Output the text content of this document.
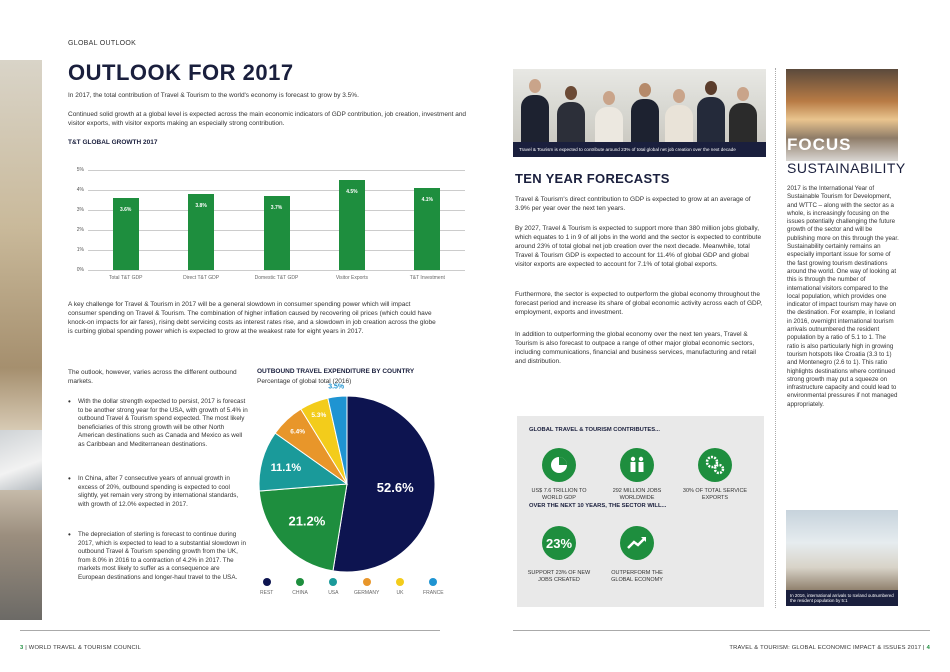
GLOBAL OUTLOOK
OUTLOOK FOR 2017
In 2017, the total contribution of Travel & Tourism to the world's economy is forecast to grow by 3.5%.
Continued solid growth at a global level is expected across the main economic indicators of GDP contribution, job creation, investment and visitor exports, with visitor exports making an especially strong contribution.
T&T GLOBAL GROWTH 2017
0%
1%
2%
3%
4%
5%
3.6%
Total T&T GDP
3.8%
Direct T&T GDP
3.7%
Domestic T&T GDP
4.5%
Visitor Exports
4.1%
T&T Investment
A key challenge for Travel & Tourism in 2017 will be a general slowdown in consumer spending power which will impact consumer spending on Travel & Tourism. The combination of higher inflation caused by recovering oil prices (which could have knock-on impacts for air fares), rising debt servicing costs as interest rates rise, and a slowdown in job creation across the globe is curbing global spending power which is expected to grow at the weakest rate for eight years in 2017.
The outlook, however, varies across the different outbound markets.
• With the dollar strength expected to persist, 2017 is forecast to be another strong year for the USA, with growth of 5.4% in outbound Travel & Tourism spend expected. The most likely beneficiaries of this strong growth will be other North American destinations such as Canada and Mexico as well as Caribbean and Mediterranean destinations.
• In China, after 7 consecutive years of annual growth in excess of 20%, outbound spending is expected to cool slightly, yet remain very strong by international standards, with growth of 12.0% expected in 2017.
• The depreciation of sterling is forecast to continue during 2017, which is expected to lead to a substantial slowdown in outbound Travel & Tourism spending growth from the UK, from 8.0% in 2016 to a contraction of 4.2% in 2017. The markets most likely to suffer as a consequence are European destinations and longer-haul travel to the USA.
OUTBOUND TRAVEL EXPENDITURE BY COUNTRY
Percentage of global total (2016)
52.6%
21.2%
11.1%
6.4%
5.3%
3.5%
REST	CHINA	USA	GERMANY	UK	FRANCE
Travel & Tourism is expected to contribute around 23% of total global net job creation over the next decade
TEN YEAR FORECASTS
Travel & Tourism's direct contribution to GDP is expected to grow at an average of 3.9% per year over the next ten years.
By 2027, Travel & Tourism is expected to support more than 380 million jobs globally, which equates to 1 in 9 of all jobs in the world and the sector is expected to contribute around 23% of total global net job creation over the next decade. Meanwhile, total Travel & Tourism GDP is expected to account for 11.4% of global GDP and global visitor exports are expected to account for 7.1% of total global exports.
Furthermore, the sector is expected to outperform the global economy throughout the forecast period and increase its share of global economic activity across each of GDP, employment, exports and investment.
In addition to outperforming the global economy over the next ten years, Travel & Tourism is also forecast to outpace a range of other major global economic sectors, including communications, financial and business services, manufacturing and retail and distribution.
GLOBAL TRAVEL & TOURISM CONTRIBUTES...
US$ 7.6 TRILLION TO WORLD GDP
292 MILLION JOBS WORLDWIDE
30% OF TOTAL SERVICE EXPORTS
OVER THE NEXT 10 YEARS, THE SECTOR WILL...
23%
SUPPORT 23% OF NEW JOBS CREATED
OUTPERFORM THE GLOBAL ECONOMY
FOCUS
SUSTAINABILITY
2017 is the International Year of Sustainable Tourism for Development, and WTTC – along with the sector as a whole, is increasingly focusing on the issues potentially challenging the future growth of the sector and will be publishing more on this through the year. Sustainability certainly remains an especially important issue for some of the fast growing tourism destinations around the world. One way of looking at this is through the number of international visitors compared to the local population, which provides one indicator of impact tourism may have on the destination. For example, in Iceland in 2016, overnight international tourism arrivals outnumbered the resident population by a ratio of 5.1 to 1. The ratio is also particularly high in growing tourism hotspots like Croatia (3.3 to 1) and Montenegro (2.6 to 1). This ratio highlights destinations where continued strong growth may put a squeeze on infrastructure capacity and could lead to environmental pressures if not managed appropriately.
In 2016, international arrivals to Iceland outnumbered the resident population by 5:1
3 | WORLD TRAVEL & TOURISM COUNCIL	TRAVEL & TOURISM: GLOBAL ECONOMIC IMPACT & ISSUES 2017 | 4
